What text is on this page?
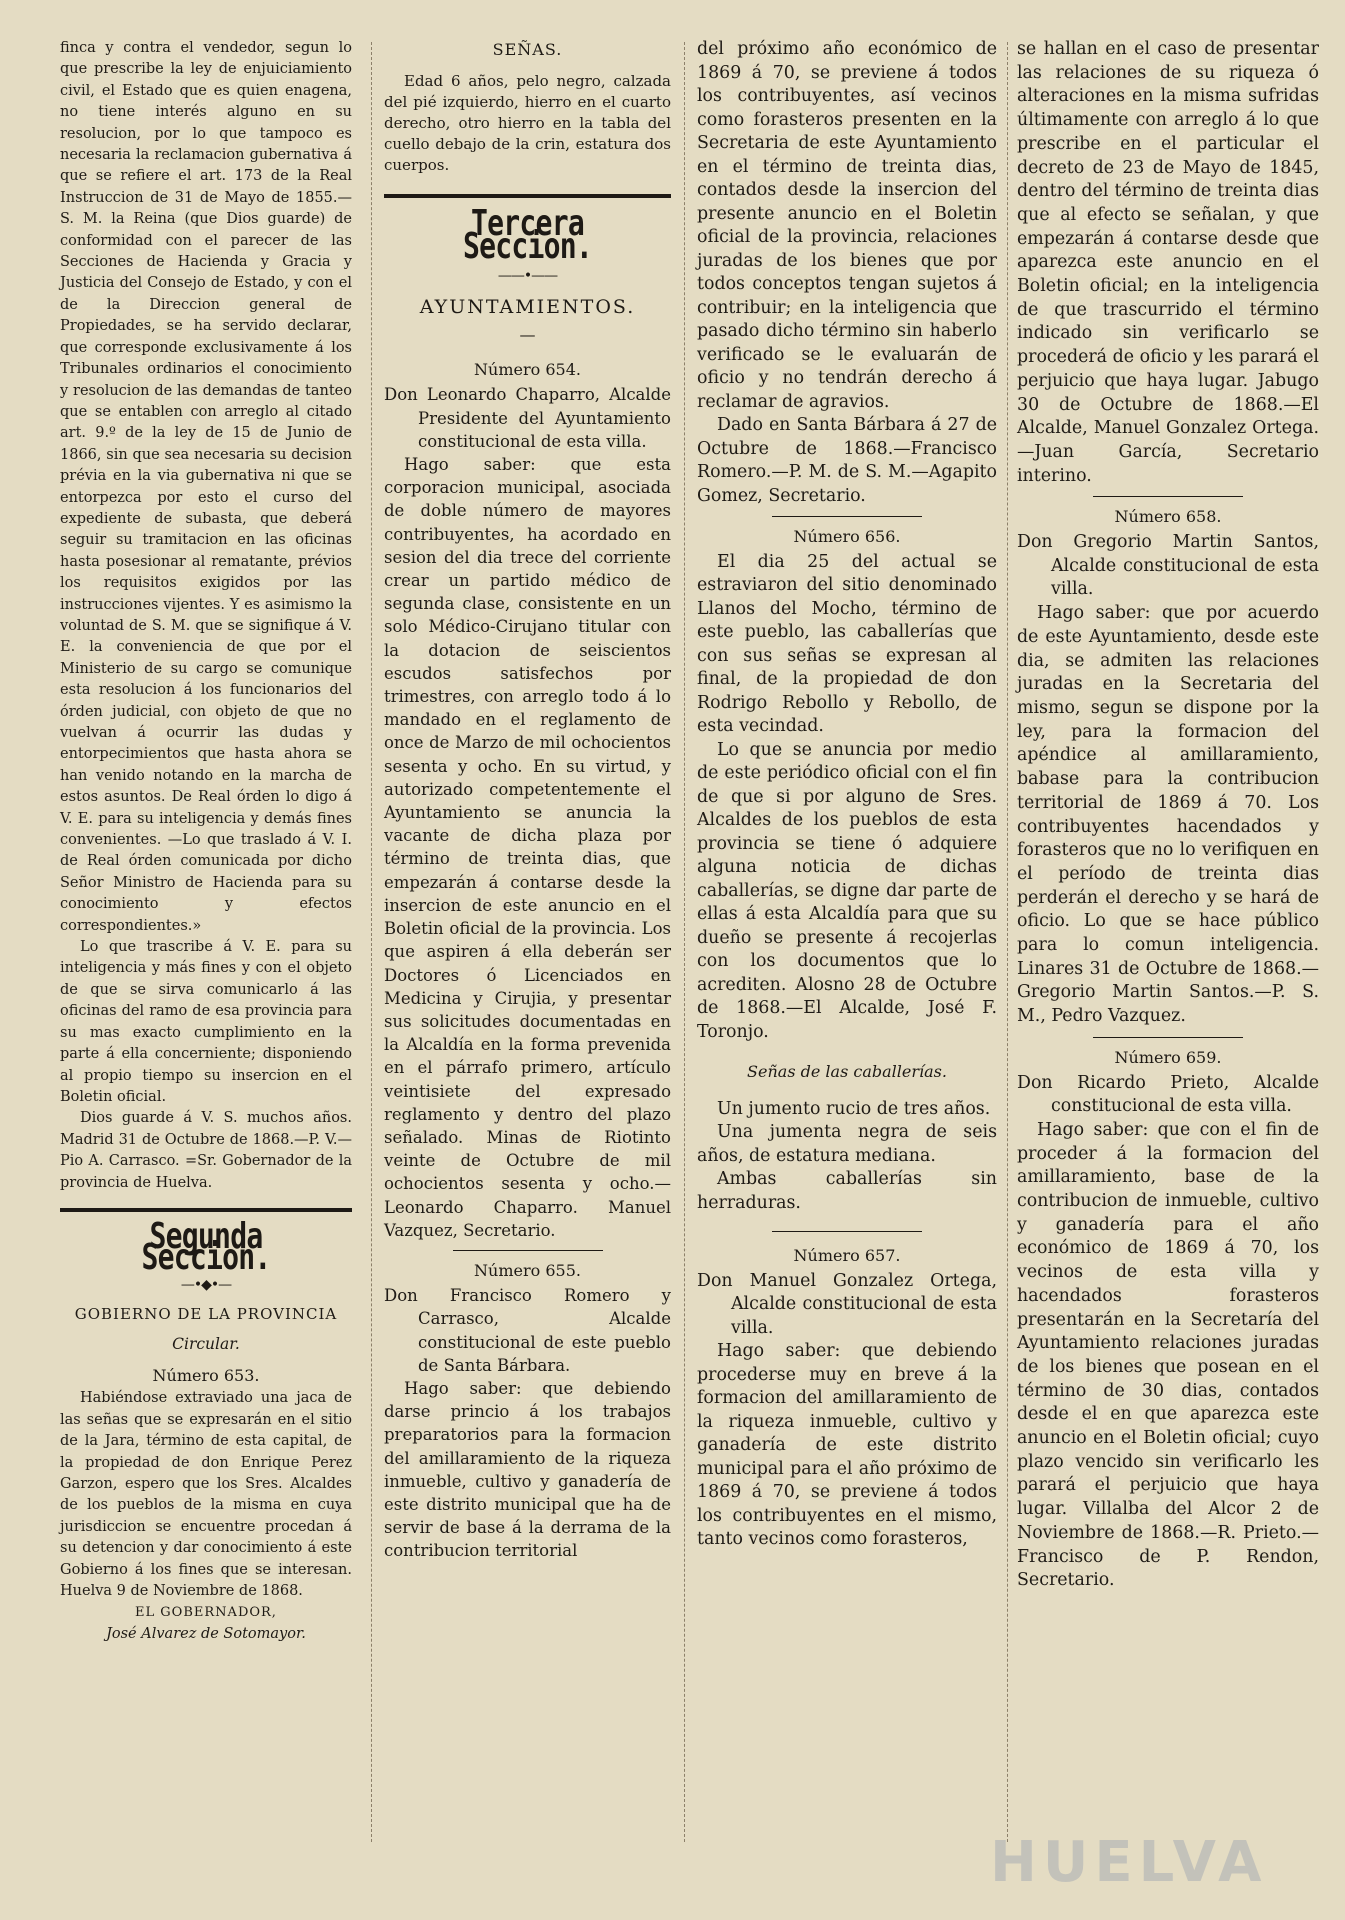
finca y contra el vendedor, segun lo que prescribe la ley de enjuiciamiento civil, el Estado que es quien enagena, no tiene interés alguno en su resolucion, por lo que tampoco es necesaria la reclamacion gubernativa á que se refiere el art. 173 de la Real Instruccion de 31 de Mayo de 1855.—S. M. la Reina (que Dios guarde) de conformidad con el parecer de las Secciones de Hacienda y Gracia y Justicia del Consejo de Estado, y con el de la Direccion general de Propiedades, se ha servido declarar, que corresponde exclusivamente á los Tribunales ordinarios el conocimiento y resolucion de las demandas de tanteo que se entablen con arreglo al citado art. 9.º de la ley de 15 de Junio de 1866, sin que sea necesaria su decision prévia en la via gubernativa ni que se entorpezca por esto el curso del expediente de subasta, que deberá seguir su tramitacion en las oficinas hasta posesionar al rematante, prévios los requisitos exigidos por las instrucciones vijentes. Y es asimismo la voluntad de S. M. que se signifique á V. E. la conveniencia de que por el Ministerio de su cargo se comunique esta resolucion á los funcionarios del órden judicial, con objeto de que no vuelvan á ocurrir las dudas y entorpecimientos que hasta ahora se han venido notando en la marcha de estos asuntos. De Real órden lo digo á V. E. para su inteligencia y demás fines convenientes. —Lo que traslado á V. I. de Real órden comunicada por dicho Señor Ministro de Hacienda para su conocimiento y efectos correspondientes.»

Lo que trascribe á V. E. para su inteligencia y más fines y con el objeto de que se sirva comunicarlo á las oficinas del ramo de esa provincia para su mas exacto cumplimiento en la parte á ella concerniente; disponiendo al propio tiempo su insercion en el Boletin oficial.

Dios guarde á V. S. muchos años. Madrid 31 de Octubre de 1868.—P. V.—Pio A. Carrasco. =Sr. Gobernador de la provincia de Huelva.

Segunda Seccion.

—•◆•—

GOBIERNO DE LA PROVINCIA

Circular.

Número 653.

Habiéndose extraviado una jaca de las señas que se expresarán en el sitio de la Jara, término de esta capital, de la propiedad de don Enrique Perez Garzon, espero que los Sres. Alcaldes de los pueblos de la misma en cuya jurisdiccion se encuentre procedan á su detencion y dar conocimiento á este Gobierno á los fines que se interesan. Huelva 9 de Noviembre de 1868.

EL GOBERNADOR,

José Alvarez de Sotomayor.

SEÑAS.

Edad 6 años, pelo negro, calzada del pié izquierdo, hierro en el cuarto derecho, otro hierro en la tabla del cuello debajo de la crin, estatura dos cuerpos.

Tercera Seccion.

——•——

AYUNTAMIENTOS.

—

Número 654.

Don Leonardo Chaparro, Alcalde Presidente del Ayuntamiento constitucional de esta villa.

Hago saber: que esta corporacion municipal, asociada de doble número de mayores contribuyentes, ha acordado en sesion del dia trece del corriente crear un partido médico de segunda clase, consistente en un solo Médico-Cirujano titular con la dotacion de seiscientos escudos satisfechos por trimestres, con arreglo todo á lo mandado en el reglamento de once de Marzo de mil ochocientos sesenta y ocho. En su virtud, y autorizado competentemente el Ayuntamiento se anuncia la vacante de dicha plaza por término de treinta dias, que empezarán á contarse desde la insercion de este anuncio en el Boletin oficial de la provincia. Los que aspiren á ella deberán ser Doctores ó Licenciados en Medicina y Cirujia, y presentar sus solicitudes documentadas en la Alcaldía en la forma prevenida en el párrafo primero, artículo veintisiete del expresado reglamento y dentro del plazo señalado. Minas de Riotinto veinte de Octubre de mil ochocientos sesenta y ocho.—Leonardo Chaparro. Manuel Vazquez, Secretario.

Número 655.

Don Francisco Romero y Carrasco, Alcalde constitucional de este pueblo de Santa Bárbara.

Hago saber: que debiendo darse princio á los trabajos preparatorios para la formacion del amillaramiento de la riqueza inmueble, cultivo y ganadería de este distrito municipal que ha de servir de base á la derrama de la contribucion territorial

del próximo año económico de 1869 á 70, se previene á todos los contribuyentes, así vecinos como forasteros presenten en la Secretaria de este Ayuntamiento en el término de treinta dias, contados desde la insercion del presente anuncio en el Boletin oficial de la provincia, relaciones juradas de los bienes que por todos conceptos tengan sujetos á contribuir; en la inteligencia que pasado dicho término sin haberlo verificado se le evaluarán de oficio y no tendrán derecho á reclamar de agravios.

Dado en Santa Bárbara á 27 de Octubre de 1868.—Francisco Romero.—P. M. de S. M.—Agapito Gomez, Secretario.

Número 656.

El dia 25 del actual se estraviaron del sitio denominado Llanos del Mocho, término de este pueblo, las caballerías que con sus señas se expresan al final, de la propiedad de don Rodrigo Rebollo y Rebollo, de esta vecindad.

Lo que se anuncia por medio de este periódico oficial con el fin de que si por alguno de Sres. Alcaldes de los pueblos de esta provincia se tiene ó adquiere alguna noticia de dichas caballerías, se digne dar parte de ellas á esta Alcaldía para que su dueño se presente á recojerlas con los documentos que lo acrediten. Alosno 28 de Octubre de 1868.—El Alcalde, José F. Toronjo.

Señas de las caballerías.

Un jumento rucio de tres años.

Una jumenta negra de seis años, de estatura mediana.

Ambas caballerías sin herraduras.

Número 657.

Don Manuel Gonzalez Ortega, Alcalde constitucional de esta villa.

Hago saber: que debiendo procederse muy en breve á la formacion del amillaramiento de la riqueza inmueble, cultivo y ganadería de este distrito municipal para el año próximo de 1869 á 70, se previene á todos los contribuyentes en el mismo, tanto vecinos como forasteros,

se hallan en el caso de presentar las relaciones de su riqueza ó alteraciones en la misma sufridas últimamente con arreglo á lo que prescribe en el particular el decreto de 23 de Mayo de 1845, dentro del término de treinta dias que al efecto se señalan, y que empezarán á contarse desde que aparezca este anuncio en el Boletin oficial; en la inteligencia de que trascurrido el término indicado sin verificarlo se procederá de oficio y les parará el perjuicio que haya lugar. Jabugo 30 de Octubre de 1868.—El Alcalde, Manuel Gonzalez Ortega.—Juan García, Secretario interino.

Número 658.

Don Gregorio Martin Santos, Alcalde constitucional de esta villa.

Hago saber: que por acuerdo de este Ayuntamiento, desde este dia, se admiten las relaciones juradas en la Secretaria del mismo, segun se dispone por la ley, para la formacion del apéndice al amillaramiento, babase para la contribucion territorial de 1869 á 70. Los contribuyentes hacendados y forasteros que no lo verifiquen en el período de treinta dias perderán el derecho y se hará de oficio. Lo que se hace público para lo comun inteligencia. Linares 31 de Octubre de 1868.—Gregorio Martin Santos.—P. S. M., Pedro Vazquez.

Número 659.

Don Ricardo Prieto, Alcalde constitucional de esta villa.

Hago saber: que con el fin de proceder á la formacion del amillaramiento, base de la contribucion de inmueble, cultivo y ganadería para el año económico de 1869 á 70, los vecinos de esta villa y hacendados forasteros presentarán en la Secretaría del Ayuntamiento relaciones juradas de los bienes que posean en el término de 30 dias, contados desde el en que aparezca este anuncio en el Boletin oficial; cuyo plazo vencido sin verificarlo les parará el perjuicio que haya lugar. Villalba del Alcor 2 de Noviembre de 1868.—R. Prieto.—Francisco de P. Rendon, Secretario.

HUELVA
